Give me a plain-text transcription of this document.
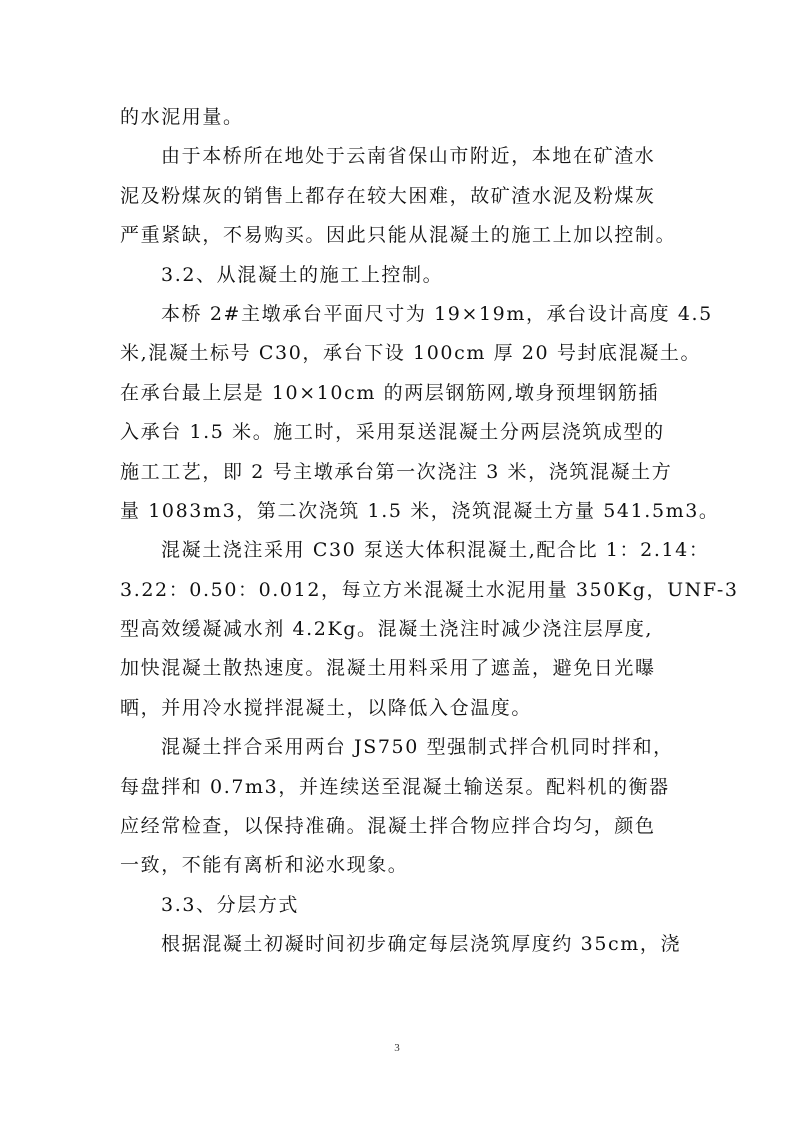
的水泥用量。
由于本桥所在地处于云南省保山市附近，本地在矿渣水
泥及粉煤灰的销售上都存在较大困难，故矿渣水泥及粉煤灰
严重紧缺，不易购买。因此只能从混凝土的施工上加以控制。
3.2、从混凝土的施工上控制。
本桥 2#主墩承台平面尺寸为 19×19m，承台设计高度 4.5
米,混凝土标号 C30，承台下设 100cm 厚 20 号封底混凝土。
在承台最上层是 10×10cm 的两层钢筋网,墩身预埋钢筋插
入承台 1.5 米。施工时，采用泵送混凝土分两层浇筑成型的
施工工艺，即 2 号主墩承台第一次浇注 3 米，浇筑混凝土方
量 1083m3，第二次浇筑 1.5 米，浇筑混凝土方量 541.5m3。
混凝土浇注采用 C30 泵送大体积混凝土,配合比 1：2.14：
3.22：0.50：0.012，每立方米混凝土水泥用量 350Kg，UNF-3
型高效缓凝减水剂 4.2Kg。混凝土浇注时减少浇注层厚度,
加快混凝土散热速度。混凝土用料采用了遮盖，避免日光曝
晒，并用冷水搅拌混凝土，以降低入仓温度。
混凝土拌合采用两台 JS750 型强制式拌合机同时拌和，
每盘拌和 0.7m3，并连续送至混凝土输送泵。配料机的衡器
应经常检查，以保持准确。混凝土拌合物应拌合均匀，颜色
一致，不能有离析和泌水现象。
3.3、分层方式
根据混凝土初凝时间初步确定每层浇筑厚度约 35cm，浇
3
